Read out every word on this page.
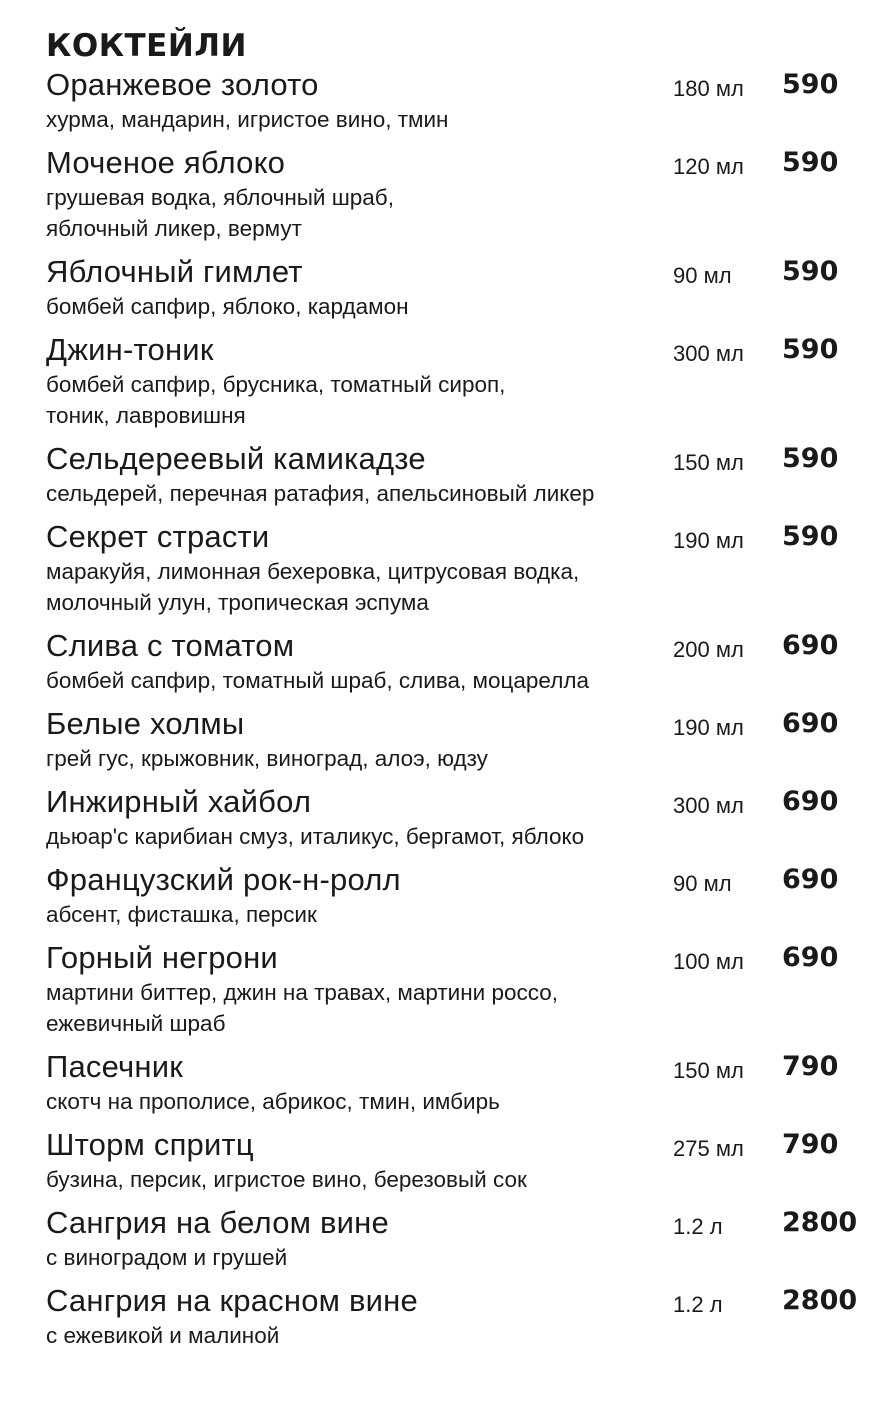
КОКТЕЙЛИ
Оранжевое золото
хурма, мандарин, игристое вино, тмин
180 мл 590
Моченое яблоко
грушевая водка, яблочный шраб,
яблочный ликер, вермут
120 мл 590
Яблочный гимлет
бомбей сапфир, яблоко, кардамон
90 мл 590
Джин-тоник
бомбей сапфир, брусника, томатный сироп,
тоник, лавровишня
300 мл 590
Сельдереевый камикадзе
сельдерей, перечная ратафия, апельсиновый ликер
150 мл 590
Секрет страсти
маракуйя, лимонная бехеровка, цитрусовая водка,
молочный улун, тропическая эспума
190 мл 590
Слива с томатом
бомбей сапфир, томатный шраб, слива, моцарелла
200 мл 690
Белые холмы
грей гус, крыжовник, виноград, алоэ, юдзу
190 мл 690
Инжирный хайбол
дьюар'с карибиан смуз, италикус, бергамот, яблоко
300 мл 690
Французский рок-н-ролл
абсент, фисташка, персик
90 мл 690
Горный негрони
мартини биттер, джин на травах, мартини россо,
ежевичный шраб
100 мл 690
Пасечник
скотч на прополисе, абрикос, тмин, имбирь
150 мл 790
Шторм спритц
бузина, персик, игристое вино, березовый сок
275 мл 790
Сангрия на белом вине
с виноградом и грушей
1.2 л 2800
Сангрия на красном вине
с ежевикой и малиной
1.2 л 2800
